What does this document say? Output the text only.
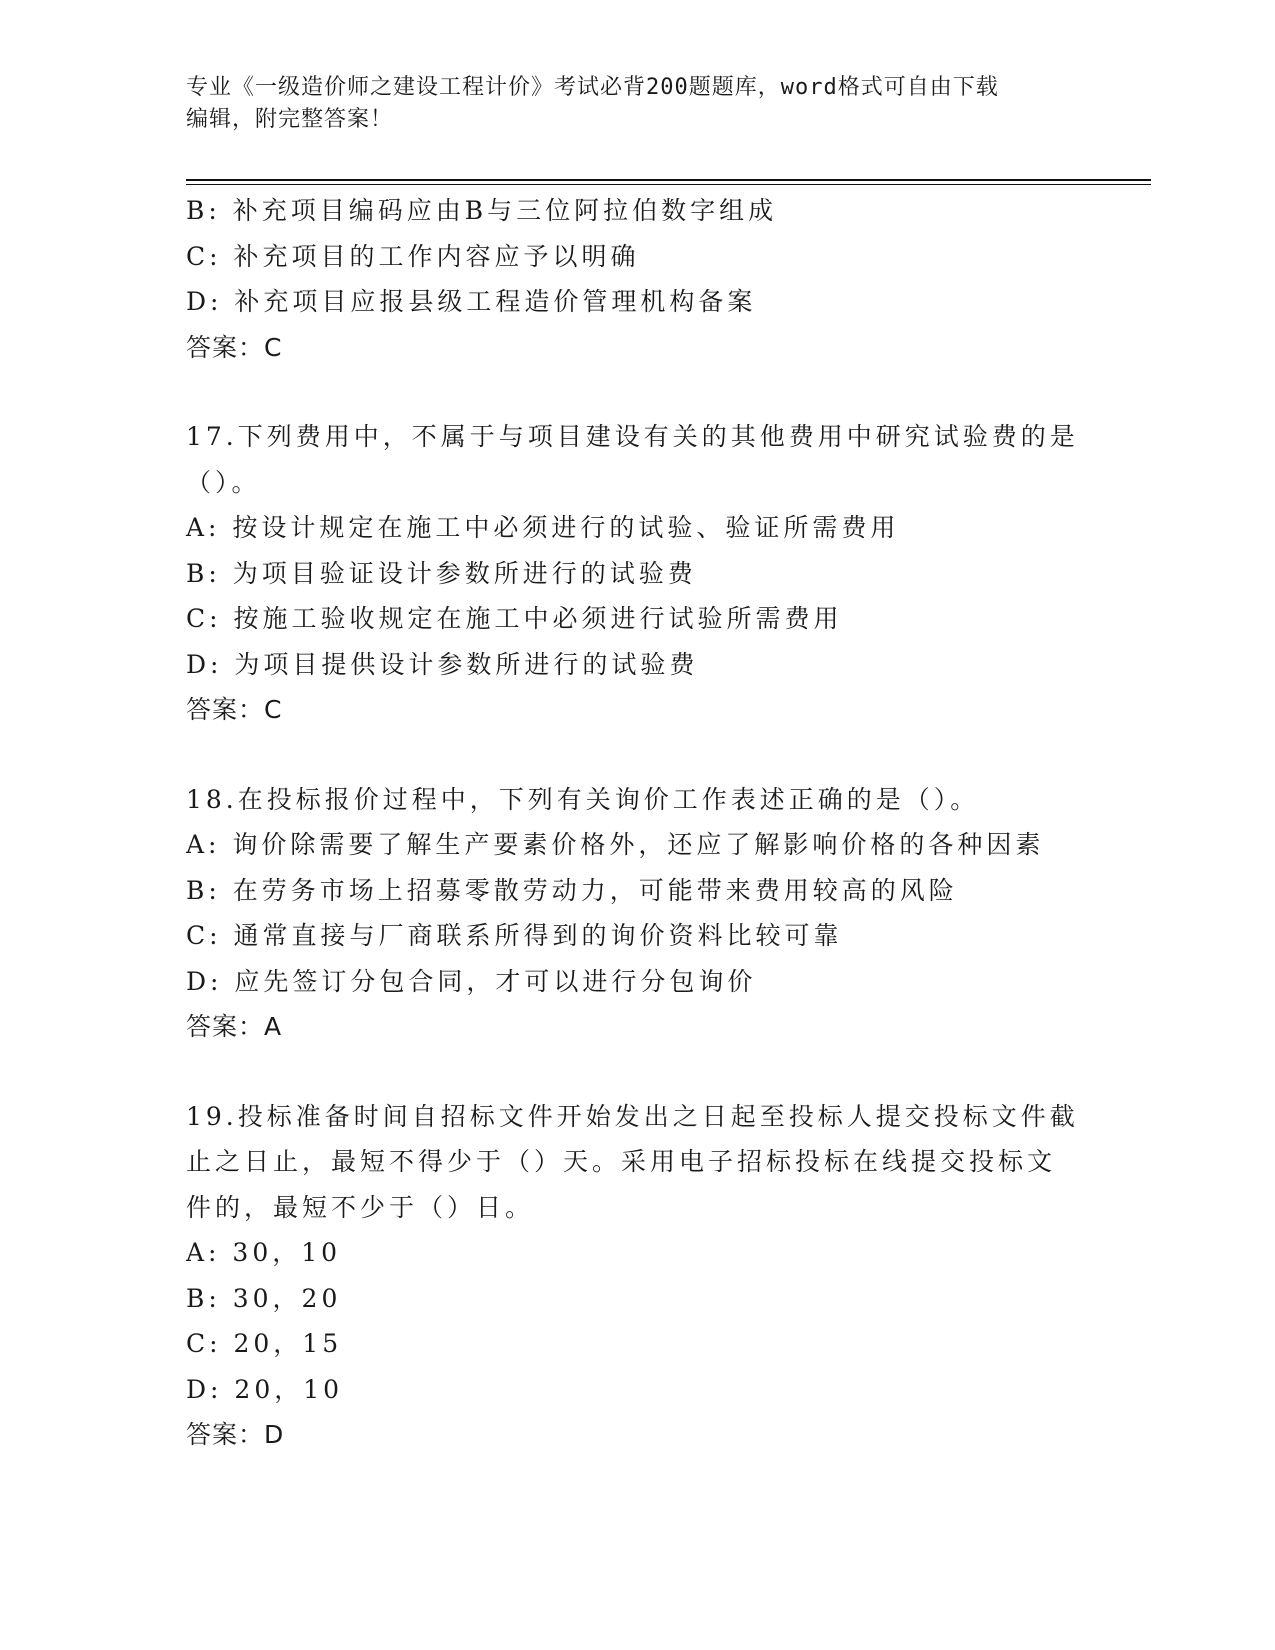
专业《一级造价师之建设工程计价》考试必背200题题库，word格式可自由下载
编辑，附完整答案！
B: 补充项目编码应由B与三位阿拉伯数字组成
C: 补充项目的工作内容应予以明确
D: 补充项目应报县级工程造价管理机构备案
答案：C
17.下列费用中，不属于与项目建设有关的其他费用中研究试验费的是
（）。
A: 按设计规定在施工中必须进行的试验、验证所需费用
B: 为项目验证设计参数所进行的试验费
C: 按施工验收规定在施工中必须进行试验所需费用
D: 为项目提供设计参数所进行的试验费
答案：C
18.在投标报价过程中，下列有关询价工作表述正确的是（）。
A: 询价除需要了解生产要素价格外，还应了解影响价格的各种因素
B: 在劳务市场上招募零散劳动力，可能带来费用较高的风险
C: 通常直接与厂商联系所得到的询价资料比较可靠
D: 应先签订分包合同，才可以进行分包询价
答案：A
19.投标准备时间自招标文件开始发出之日起至投标人提交投标文件截
止之日止，最短不得少于（）天。采用电子招标投标在线提交投标文
件的，最短不少于（）日。
A: 30，10
B: 30，20
C: 20，15
D: 20，10
答案：D
